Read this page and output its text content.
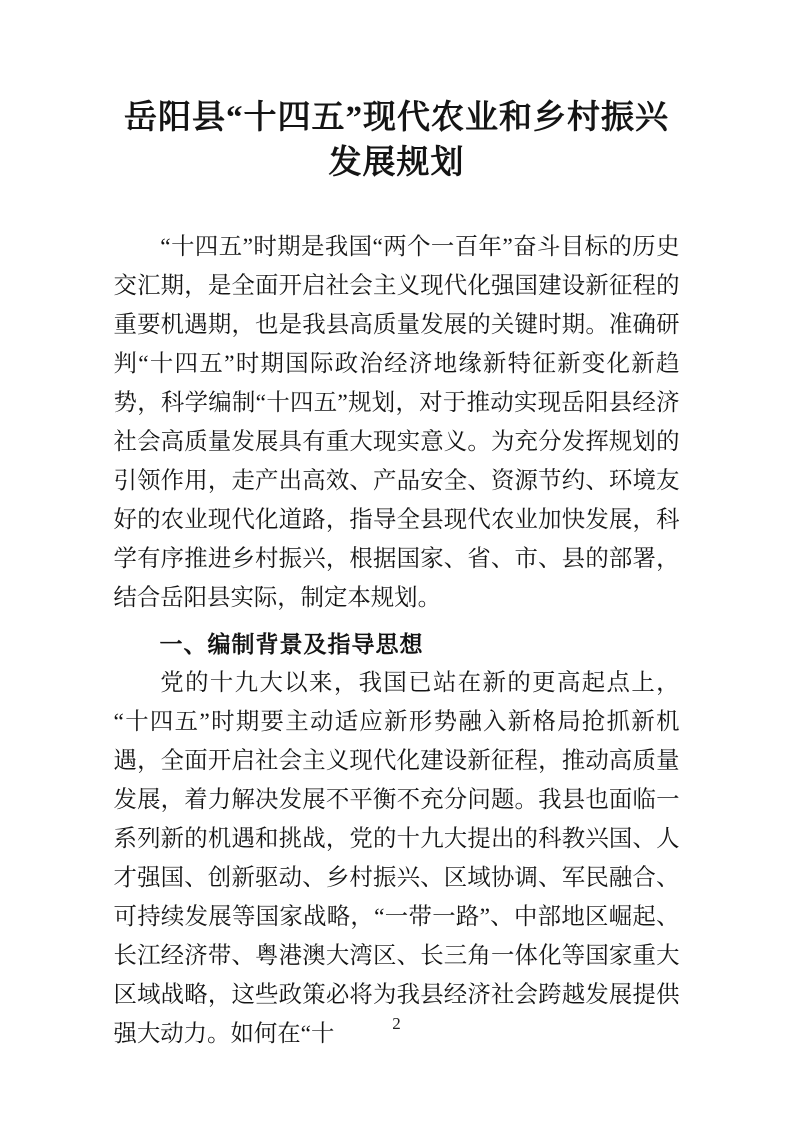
岳阳县“十四五”现代农业和乡村振兴
发展规划

“十四五”时期是我国“两个一百年”奋斗目标的历史交汇期，是全面开启社会主义现代化强国建设新征程的重要机遇期，也是我县高质量发展的关键时期。准确研判“十四五”时期国际政治经济地缘新特征新变化新趋势，科学编制“十四五”规划，对于推动实现岳阳县经济社会高质量发展具有重大现实意义。为充分发挥规划的引领作用，走产出高效、产品安全、资源节约、环境友好的农业现代化道路，指导全县现代农业加快发展，科学有序推进乡村振兴，根据国家、省、市、县的部署，结合岳阳县实际，制定本规划。

一、编制背景及指导思想

党的十九大以来，我国已站在新的更高起点上，“十四五”时期要主动适应新形势融入新格局抢抓新机遇，全面开启社会主义现代化建设新征程，推动高质量发展，着力解决发展不平衡不充分问题。我县也面临一系列新的机遇和挑战，党的十九大提出的科教兴国、人才强国、创新驱动、乡村振兴、区域协调、军民融合、可持续发展等国家战略，“一带一路”、中部地区崛起、长江经济带、粤港澳大湾区、长三角一体化等国家重大区域战略，这些政策必将为我县经济社会跨越发展提供强大动力。如何在“十	2
